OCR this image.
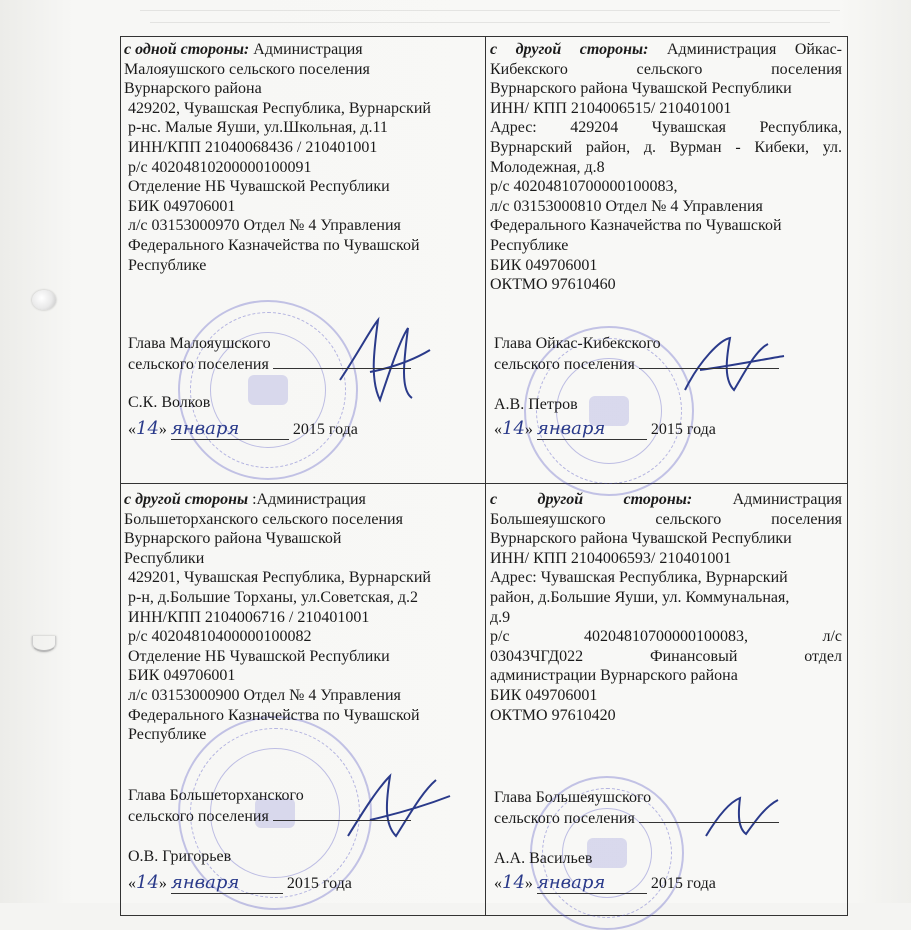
с одной стороны: Администрация
Малояушского сельского поселения
Вурнарского района
429202, Чувашская Республика, Вурнарский
р-нс. Малые Яуши, ул.Школьная, д.11
ИНН/КПП 21040068436 / 210401001
р/с 40204810200000100091
Отделение НБ Чувашской Республики
БИК 049706001
л/с 03153000970 Отдел № 4 Управления
Федерального Казначейства по Чувашской
Республике
Глава Малояушского
сельского поселения
С.К. Волков
«14» января	2015 года
с другой стороны: Администрация Ойкас-
Кибекского сельского поселения
Вурнарского района Чувашской Республики
ИНН/ КПП 2104006515/ 210401001
Адрес: 429204 Чувашская Республика,
Вурнарский район, д. Вурман - Кибеки, ул.
Молодежная, д.8
р/с 40204810700000100083,
л/с 03153000810 Отдел № 4 Управления
Федерального Казначейства по Чувашской
Республике
БИК 049706001
ОКТМО 97610460
Глава Ойкас-Кибекского
сельского поселения
А.В. Петров
«14» января	2015 года
с другой стороны :Администрация
Большеторханского сельского поселения
Вурнарского района Чувашской
Республики
429201, Чувашская Республика, Вурнарский
р-н, д.Большие Торханы, ул.Советская, д.2
ИНН/КПП 2104006716 / 210401001
р/с 40204810400000100082
Отделение НБ Чувашской Республики
БИК 049706001
л/с 03153000900 Отдел № 4 Управления
Федерального Казначейства по Чувашской
Республике
Глава Большеторханского
сельского поселения
О.В. Григорьев
«14» января	2015 года
с другой стороны: Администрация
Большеяушского сельского поселения
Вурнарского района Чувашской Республики
ИНН/ КПП 2104006593/ 210401001
Адрес: Чувашская Республика, Вурнарский
район, д.Большие Яуши, ул. Коммунальная,
д.9
р/с 40204810700000100083, л/с
03043ЧГД022 Финансовый отдел
администрации Вурнарского района
БИК 049706001
ОКТМО 97610420
Глава Большеяушского
сельского поселения
А.А. Васильев
«14» января	2015 года
